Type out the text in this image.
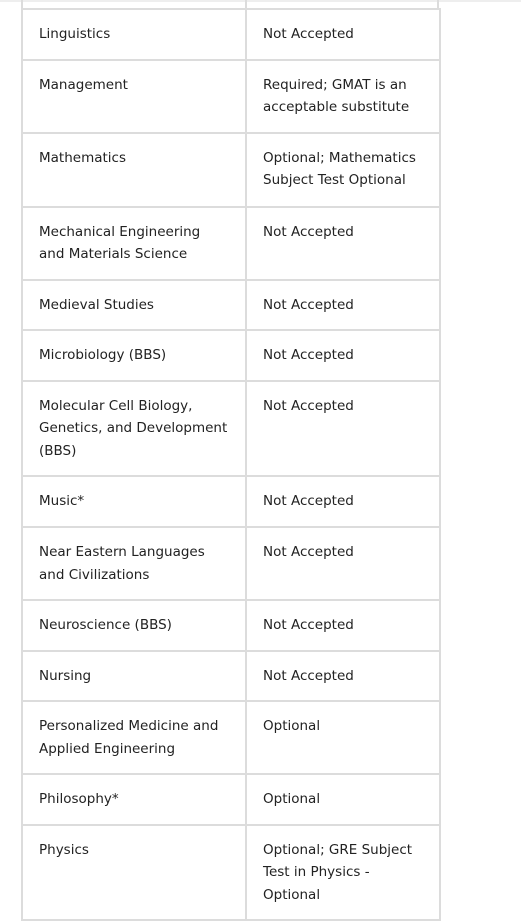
Linguistics	Not Accepted
Management	Required; GMAT is an acceptable substitute
Mathematics	Optional; Mathematics Subject Test Optional
Mechanical Engineering and Materials Science	Not Accepted
Medieval Studies	Not Accepted
Microbiology (BBS)	Not Accepted
Molecular Cell Biology, Genetics, and Development (BBS)	Not Accepted
Music*	Not Accepted
Near Eastern Languages and Civilizations	Not Accepted
Neuroscience (BBS)	Not Accepted
Nursing	Not Accepted
Personalized Medicine and Applied Engineering	Optional
Philosophy*	Optional
Physics	Optional; GRE Subject Test in Physics - Optional
